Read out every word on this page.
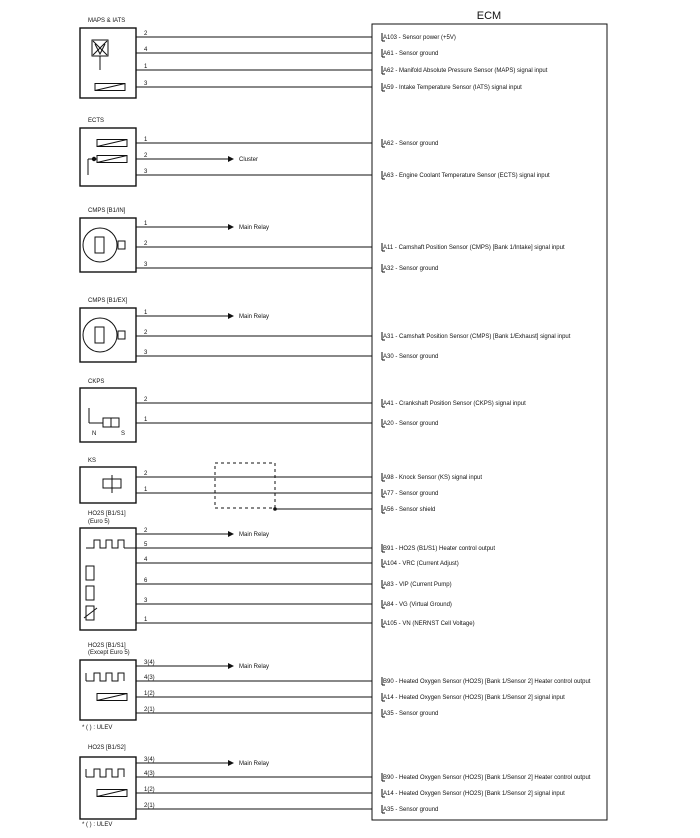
ECM
* ( ) : ULEV
* ( ) : ULEV
MAPS & IATS
2
A103 - Sensor power (+5V)
4
A61 - Sensor ground
1
A62 - Manifold Absolute Pressure Sensor (MAPS) signal input
3
A59 - Intake Temperature Sensor (IATS) signal input
ECTS
1
A62 - Sensor ground
2
Cluster
3
A63 - Engine Coolant Temperature Sensor (ECTS) signal input
CMPS [B1/IN]
1
Main Relay
2
A11 - Camshaft Position Sensor (CMPS) [Bank 1/Intake] signal input
3
A32 - Sensor ground
CMPS [B1/EX]
1
Main Relay
2
A31 - Camshaft Position Sensor (CMPS) [Bank 1/Exhaust] signal input
3
A30 - Sensor ground
CKPS
N	S
2
A41 - Crankshaft Position Sensor (CKPS) signal input
1
A20 - Sensor ground
KS
2
A98 - Knock Sensor (KS) signal input
1
A77 - Sensor ground
A56 - Sensor shield
HO2S [B1/S1]
(Euro 5)
2
Main Relay
5
B91 - HO2S (B1/S1) Heater control output
4
A104 - VRC (Current Adjust)
6
A83 - VIP (Current Pump)
3
A84 - VG (Virtual Ground)
1
A105 - VN (NERNST Cell Voltage)
HO2S [B1/S1]
(Except Euro 5)
3(4)
Main Relay
4(3)
B90 - Heated Oxygen Sensor (HO2S) [Bank 1/Sensor 2] Heater control output
1(2)
A14 - Heated Oxygen Sensor (HO2S) [Bank 1/Sensor 2] signal input
2(1)
A35 - Sensor ground
HO2S [B1/S2]
3(4)
Main Relay
4(3)
B90 - Heated Oxygen Sensor (HO2S) [Bank 1/Sensor 2] Heater control output
1(2)
A14 - Heated Oxygen Sensor (HO2S) [Bank 1/Sensor 2] signal input
2(1)
A35 - Sensor ground
